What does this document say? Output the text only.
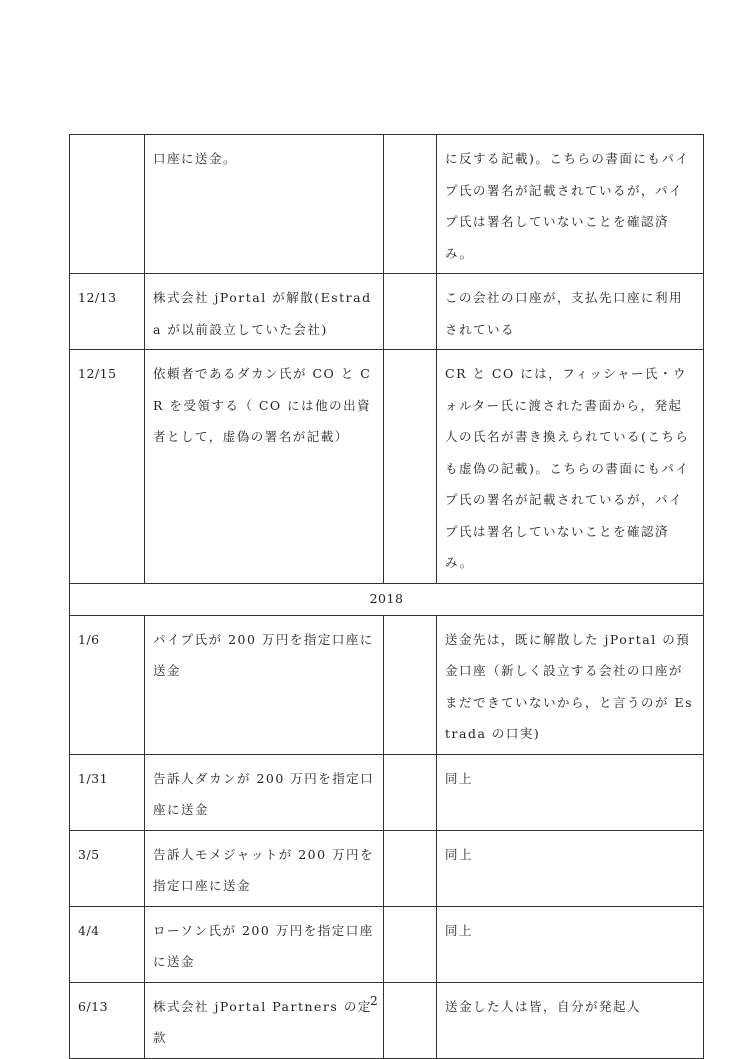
	口座に送金。		に反する記載)。こちらの書面にもパイプ氏の署名が記載されているが，パイプ氏は署名していないことを確認済み。
12/13	株式会社 jPortal が解散(Estrada が以前設立していた会社)		この会社の口座が，支払先口座に利用されている
12/15	依頼者であるダカン氏が CO と CR を受領する（ CO には他の出資者として，虚偽の署名が記載）		CR と CO には，フィッシャー氏・ウォルター氏に渡された書面から，発起人の氏名が書き換えられている(こちらも虚偽の記載)。こちらの書面にもパイプ氏の署名が記載されているが，パイプ氏は署名していないことを確認済み。
2018			
1/6	パイプ氏が 200 万円を指定口座に送金		送金先は，既に解散した jPortal の預金口座（新しく設立する会社の口座がまだできていないから，と言うのが Estrada の口実)
1/31	告訴人ダカンが 200 万円を指定口座に送金		同上
3/5	告訴人モメジャットが 200 万円を指定口座に送金		同上
4/4	ローソン氏が 200 万円を指定口座に送金		同上
6/13	株式会社 jPortal Partners の定款		送金した人は皆，自分が発起人
2
